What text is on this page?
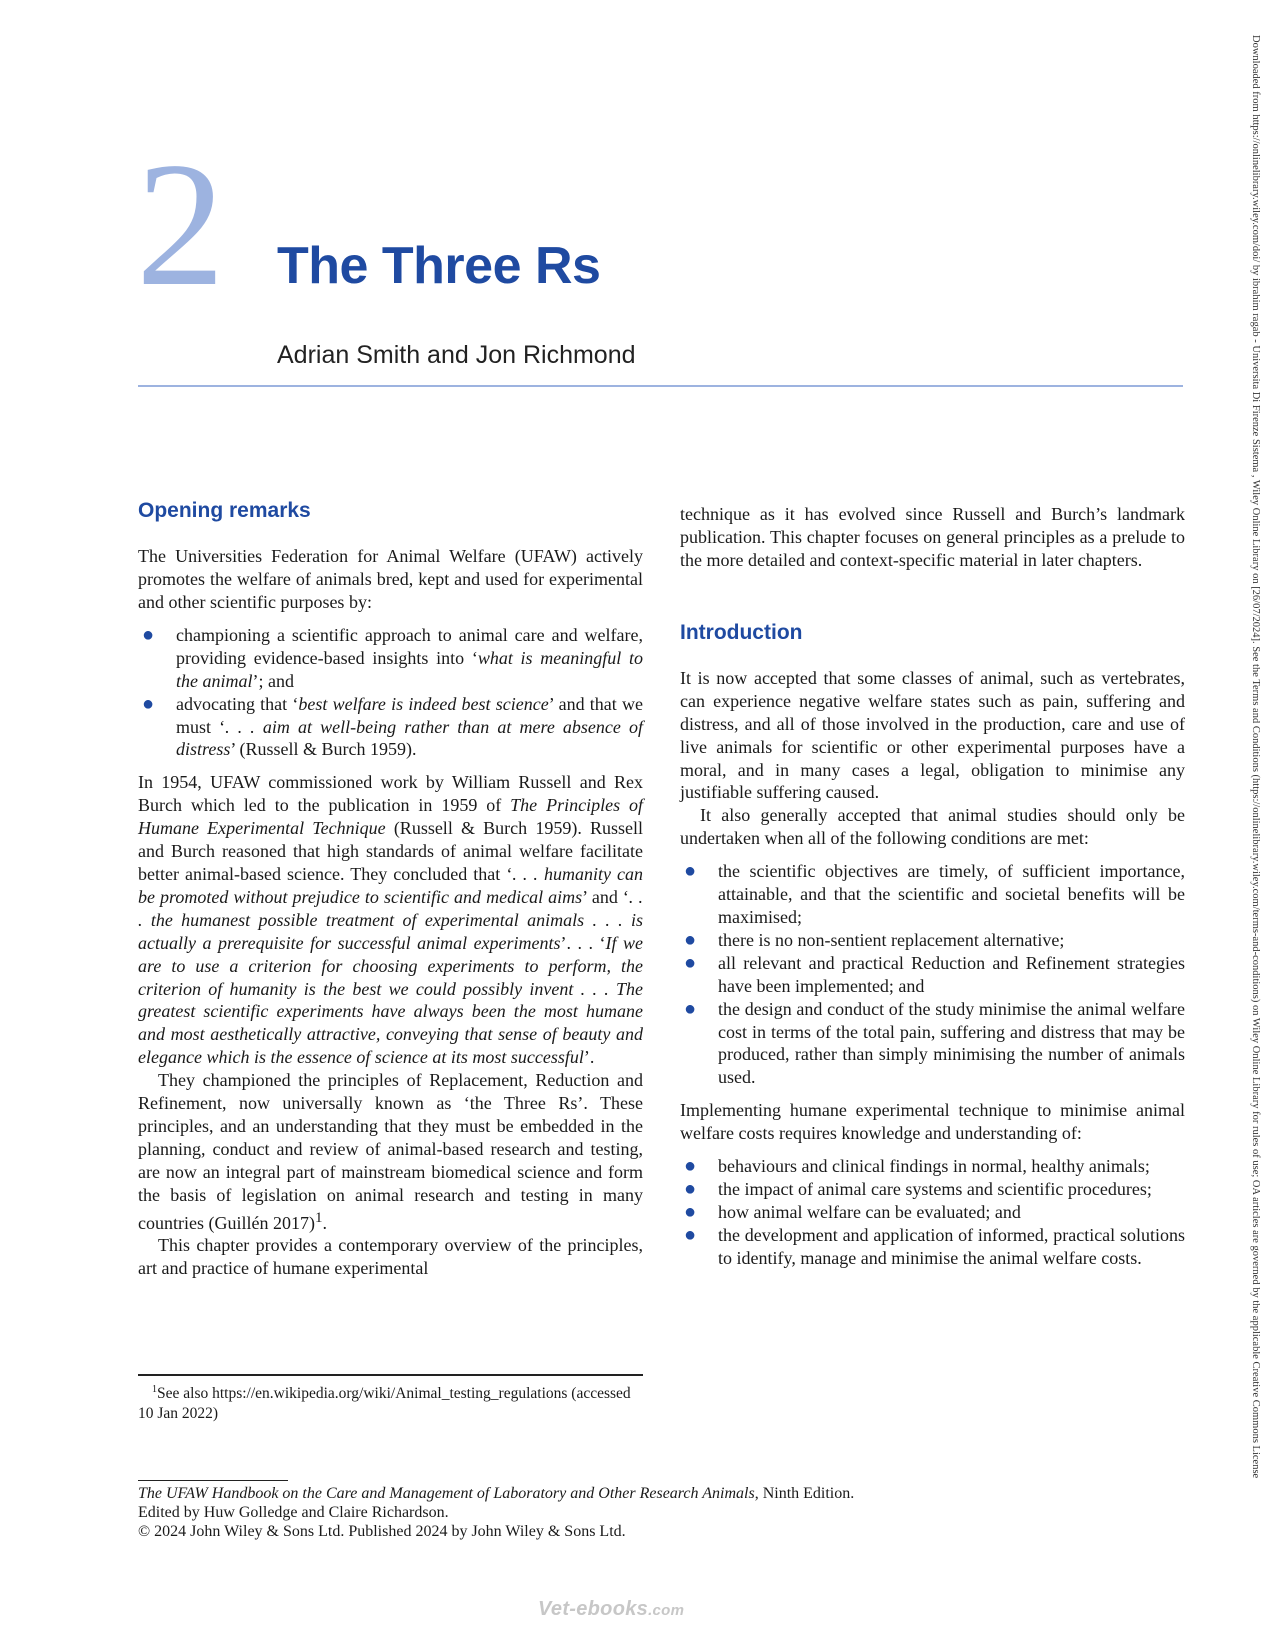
2 The Three Rs
Adrian Smith and Jon Richmond	Downloaded from https://onlinelibrary.wiley.com/doi/ by ibrahim ragab - Universita Di Firenze Sistema , Wiley Online Library on [26/07/2024]. See the Terms and Conditions (https://onlinelibrary.wiley.com/terms-and-conditions) on Wiley Online Library for rules of use; OA articles are governed by the applicable Creative Commons License
Opening remarks

The Universities Federation for Animal Welfare (UFAW) actively promotes the welfare of animals bred, kept and used for experimental and other scientific purposes by:

● championing a scientific approach to animal care and welfare, providing evidence-based insights into ‘what is meaningful to the animal’; and
● advocating that ‘best welfare is indeed best science’ and that we must ‘. . . aim at well-being rather than at mere absence of distress’ (Russell & Burch 1959).

In 1954, UFAW commissioned work by William Russell and Rex Burch which led to the publication in 1959 of The Principles of Humane Experimental Technique (Russell & Burch 1959). Russell and Burch reasoned that high standards of animal welfare facilitate better animal-based science. They concluded that ‘. . . humanity can be promoted without prejudice to scientific and medical aims’ and ‘. . . the humanest possible treatment of experimental animals . . . is actually a prerequisite for successful animal experiments’. . . ‘If we are to use a criterion for choosing experiments to perform, the criterion of humanity is the best we could possibly invent . . . The greatest scientific experiments have always been the most humane and most aesthetically attractive, conveying that sense of beauty and elegance which is the essence of science at its most successful’.

They championed the principles of Replacement, Reduction and Refinement, now universally known as ‘the Three Rs’. These principles, and an understanding that they must be embedded in the planning, conduct and review of animal-based research and testing, are now an integral part of mainstream biomedical science and form the basis of legislation on animal research and testing in many countries (Guillén 2017)$^1$.

This chapter provides a contemporary overview of the principles, art and practice of humane experimental

technique as it has evolved since Russell and Burch’s landmark publication. This chapter focuses on general principles as a prelude to the more detailed and context-specific material in later chapters.

Introduction

It is now accepted that some classes of animal, such as vertebrates, can experience negative welfare states such as pain, suffering and distress, and all of those involved in the production, care and use of live animals for scientific or other experimental purposes have a moral, and in many cases a legal, obligation to minimise any justifiable suffering caused.

It also generally accepted that animal studies should only be undertaken when all of the following conditions are met:

● the scientific objectives are timely, of sufficient importance, attainable, and that the scientific and societal benefits will be maximised;
● there is no non-sentient replacement alternative;
● all relevant and practical Reduction and Refinement strategies have been implemented; and
● the design and conduct of the study minimise the animal welfare cost in terms of the total pain, suffering and distress that may be produced, rather than simply minimising the number of animals used.

Implementing humane experimental technique to minimise animal welfare costs requires knowledge and understanding of:

● behaviours and clinical findings in normal, healthy animals;
● the impact of animal care systems and scientific procedures;
● how animal welfare can be evaluated; and
● the development and application of informed, practical solutions to identify, manage and minimise the animal welfare costs.
$^1$See also https://en.wikipedia.org/wiki/Animal_testing_regulations (accessed 10 Jan 2022)
The UFAW Handbook on the Care and Management of Laboratory and Other Research Animals, Ninth Edition.
Edited by Huw Golledge and Claire Richardson.
© 2024 John Wiley & Sons Ltd. Published 2024 by John Wiley & Sons Ltd.
Vet-ebooks.com
